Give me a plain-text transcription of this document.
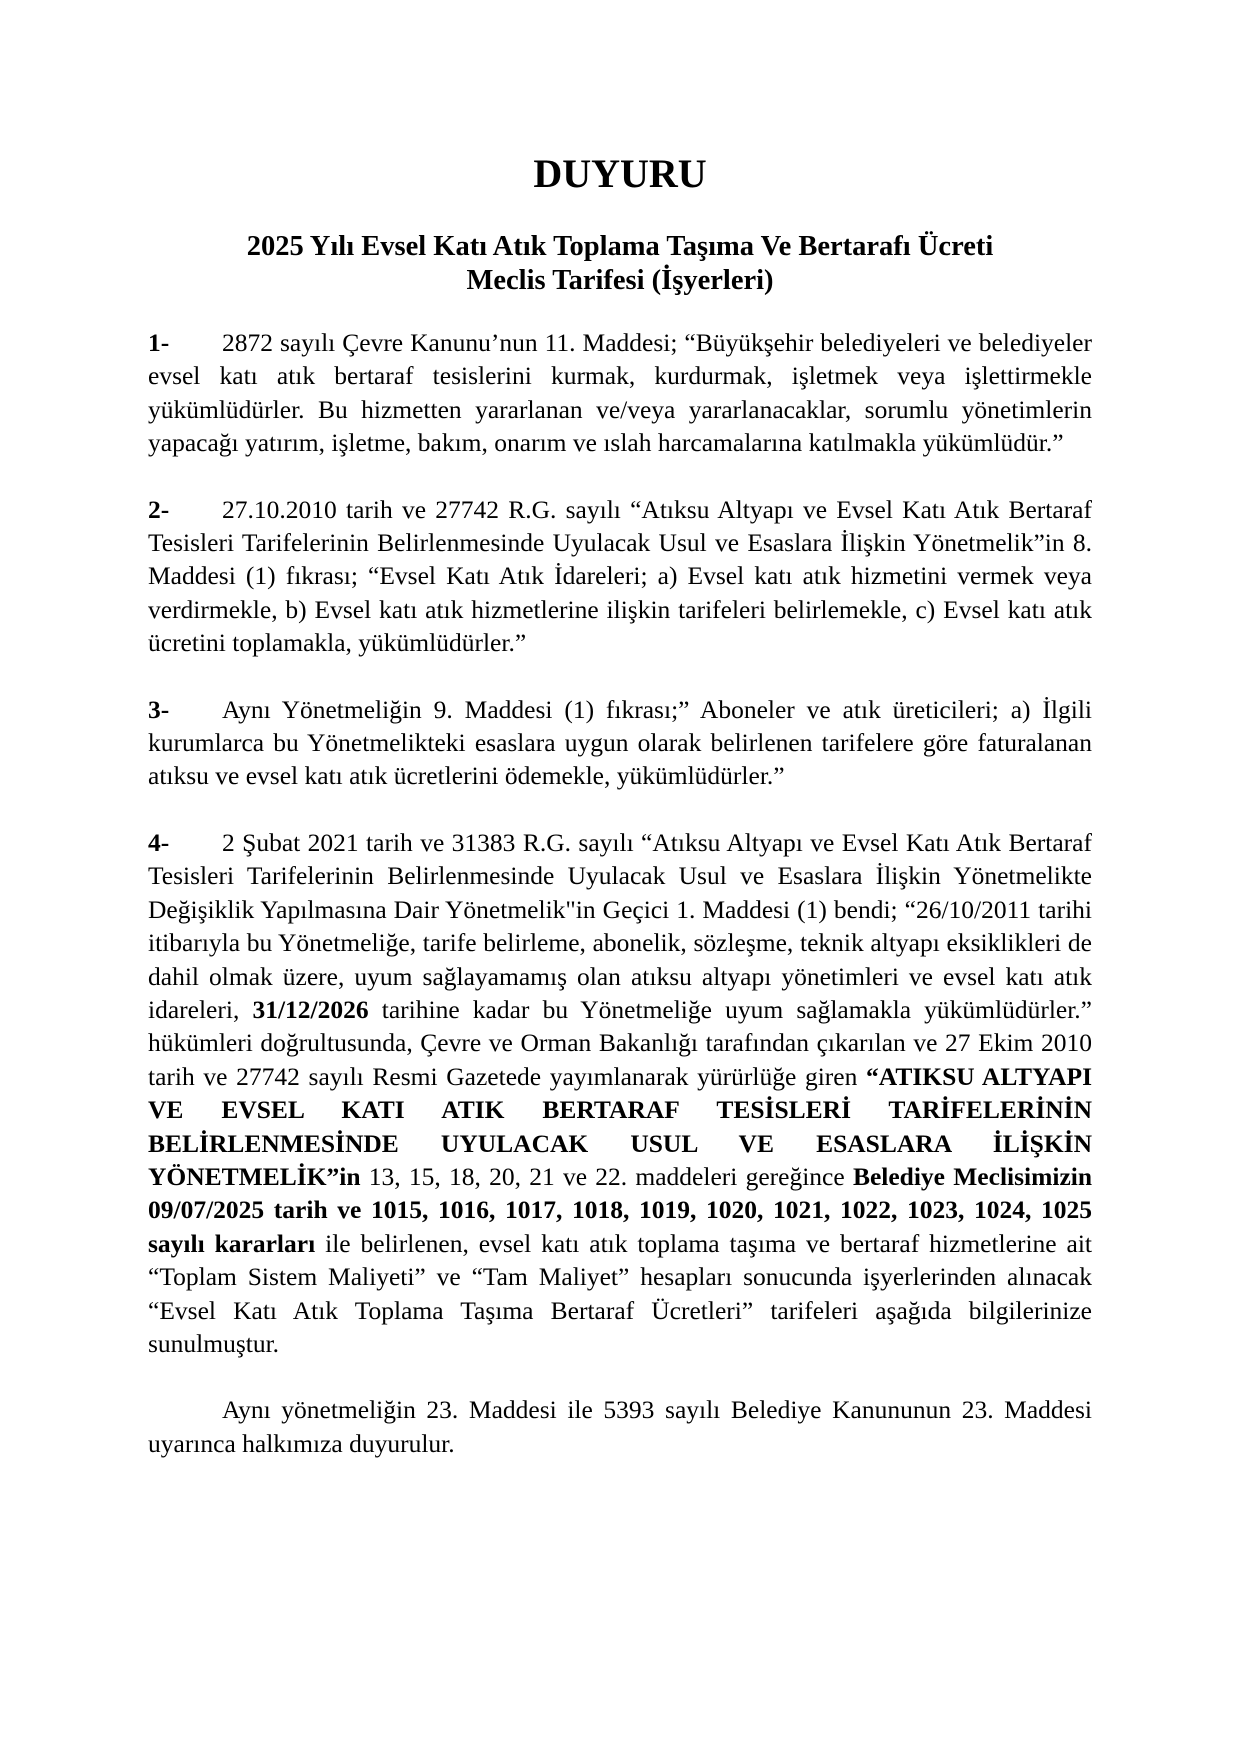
DUYURU
2025 Yılı Evsel Katı Atık Toplama Taşıma Ve Bertarafı Ücreti
Meclis Tarifesi (İşyerleri)

1- 2872 sayılı Çevre Kanunu’nun 11. Maddesi; “Büyükşehir belediyeleri ve belediyeler evsel katı atık bertaraf tesislerini kurmak, kurdurmak, işletmek veya işlettirmekle yükümlüdürler. Bu hizmetten yararlanan ve/veya yararlanacaklar, sorumlu yönetimlerin yapacağı yatırım, işletme, bakım, onarım ve ıslah harcamalarına katılmakla yükümlüdür.”

2- 27.10.2010 tarih ve 27742 R.G. sayılı “Atıksu Altyapı ve Evsel Katı Atık Bertaraf Tesisleri Tarifelerinin Belirlenmesinde Uyulacak Usul ve Esaslara İlişkin Yönetmelik”in 8. Maddesi (1) fıkrası; “Evsel Katı Atık İdareleri; a) Evsel katı atık hizmetini vermek veya verdirmekle, b) Evsel katı atık hizmetlerine ilişkin tarifeleri belirlemekle, c) Evsel katı atık ücretini toplamakla, yükümlüdürler.”

3- Aynı Yönetmeliğin 9. Maddesi (1) fıkrası;” Aboneler ve atık üreticileri; a) İlgili kurumlarca bu Yönetmelikteki esaslara uygun olarak belirlenen tarifelere göre faturalanan atıksu ve evsel katı atık ücretlerini ödemekle, yükümlüdürler.”

4- 2 Şubat 2021 tarih ve 31383 R.G. sayılı “Atıksu Altyapı ve Evsel Katı Atık Bertaraf Tesisleri Tarifelerinin Belirlenmesinde Uyulacak Usul ve Esaslara İlişkin Yönetmelikte Değişiklik Yapılmasına Dair Yönetmelik"in Geçici 1. Maddesi (1) bendi; “26/10/2011 tarihi itibarıyla bu Yönetmeliğe, tarife belirleme, abonelik, sözleşme, teknik altyapı eksiklikleri de dahil olmak üzere, uyum sağlayamamış olan atıksu altyapı yönetimleri ve evsel katı atık idareleri, 31/12/2026 tarihine kadar bu Yönetmeliğe uyum sağlamakla yükümlüdürler.” hükümleri doğrultusunda, Çevre ve Orman Bakanlığı tarafından çıkarılan ve 27 Ekim 2010 tarih ve 27742 sayılı Resmi Gazetede yayımlanarak yürürlüğe giren “ATIKSU ALTYAPI VE EVSEL KATI ATIK BERTARAF TESİSLERİ TARİFELERİNİN BELİRLENMESİNDE UYULACAK USUL VE ESASLARA İLİŞKİN YÖNETMELİK”in 13, 15, 18, 20, 21 ve 22. maddeleri gereğince Belediye Meclisimizin 09/07/2025 tarih ve 1015, 1016, 1017, 1018, 1019, 1020, 1021, 1022, 1023, 1024, 1025 sayılı kararları ile belirlenen, evsel katı atık toplama taşıma ve bertaraf hizmetlerine ait “Toplam Sistem Maliyeti” ve “Tam Maliyet” hesapları sonucunda işyerlerinden alınacak “Evsel Katı Atık Toplama Taşıma Bertaraf Ücretleri” tarifeleri aşağıda bilgilerinize sunulmuştur.

Aynı yönetmeliğin 23. Maddesi ile 5393 sayılı Belediye Kanununun 23. Maddesi uyarınca halkımıza duyurulur.
